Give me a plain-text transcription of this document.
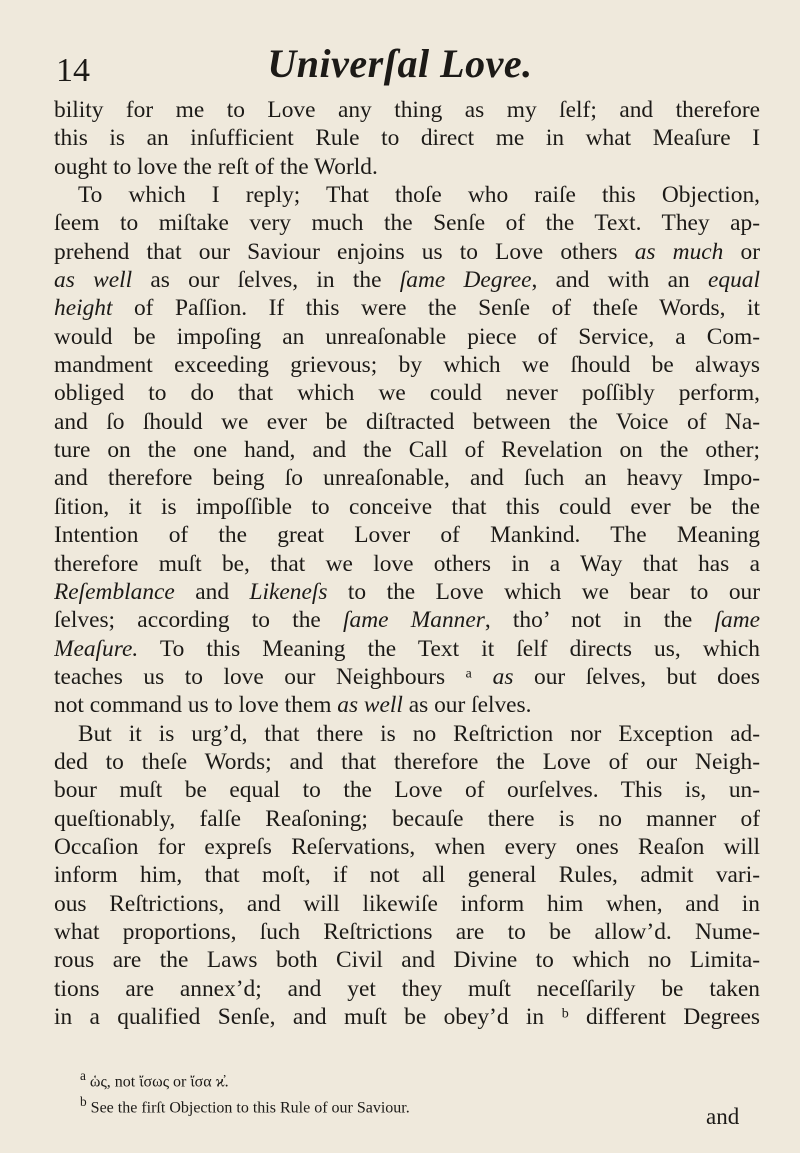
14	Univerſal Love.
bility for me to Love any thing as my ſelf; and therefore
this is an inſufficient Rule to direct me in what Meaſure I
ought to love the reſt of the World.
To which I reply; That thoſe who raiſe this Objection,
ſeem to miſtake very much the Senſe of the Text. They ap-
prehend that our Saviour enjoins us to Love others as much or
as well as our ſelves, in the ſame Degree, and with an equal
height of Paſſion. If this were the Senſe of theſe Words, it
would be impoſing an unreaſonable piece of Service, a Com-
mandment exceeding grievous; by which we ſhould be always
obliged to do that which we could never poſſibly perform,
and ſo ſhould we ever be diſtracted between the Voice of Na-
ture on the one hand, and the Call of Revelation on the other;
and therefore being ſo unreaſonable, and ſuch an heavy Impo-
ſition, it is impoſſible to conceive that this could ever be the
Intention of the great Lover of Mankind. The Meaning
therefore muſt be, that we love others in a Way that has a
Reſemblance and Likeneſs to the Love which we bear to our
ſelves; according to the ſame Manner, tho’ not in the ſame
Meaſure. To this Meaning the Text it ſelf directs us, which
teaches us to love our Neighbours ᵃ as our ſelves, but does
not command us to love them as well as our ſelves.
But it is urg’d, that there is no Reſtriction nor Exception ad-
ded to theſe Words; and that therefore the Love of our Neigh-
bour muſt be equal to the Love of ourſelves. This is, un-
queſtionably, falſe Reaſoning; becauſe there is no manner of
Occaſion for expreſs Reſervations, when every ones Reaſon will
inform him, that moſt, if not all general Rules, admit vari-
ous Reſtrictions, and will likewiſe inform him when, and in
what proportions, ſuch Reſtrictions are to be allow’d. Nume-
rous are the Laws both Civil and Divine to which no Limita-
tions are annex’d; and yet they muſt neceſſarily be taken
in a qualified Senſe, and muſt be obey’d in ᵇ different Degrees
$^a$ ὡς, not ἴσως or ἴσα ϰ̓.
$^b$ See the firſt Objection to this Rule of our Saviour.	and
